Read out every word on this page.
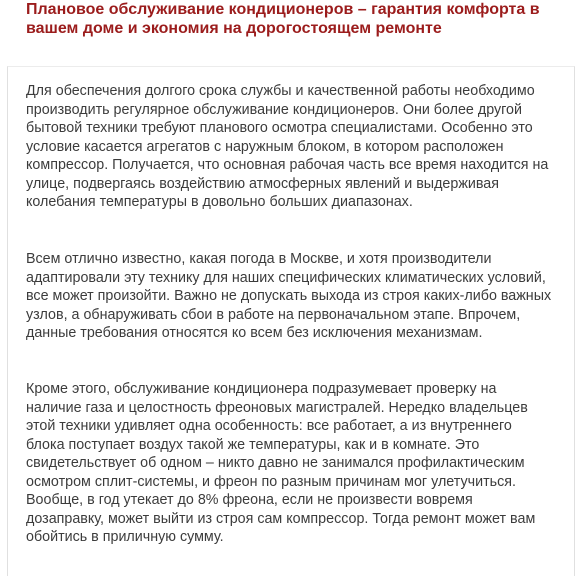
Плановое обслуживание кондиционеров – гарантия комфорта в вашем доме и экономия на дорогостоящем ремонте

Для обеспечения долгого срока службы и качественной работы необходимо производить регулярное обслуживание кондиционеров. Они более другой бытовой техники требуют планового осмотра специалистами. Особенно это условие касается агрегатов с наружным блоком, в котором расположен компрессор. Получается, что основная рабочая часть все время находится на улице, подвергаясь воздействию атмосферных явлений и выдерживая колебания температуры в довольно больших диапазонах.

Всем отлично известно, какая погода в Москве, и хотя производители адаптировали эту технику для наших специфических климатических условий, все может произойти. Важно не допускать выхода из строя каких-либо важных узлов, а обнаруживать сбои в работе на первоначальном этапе. Впрочем, данные требования относятся ко всем без исключения механизмам.

Кроме этого, обслуживание кондиционера подразумевает проверку на наличие газа и целостность фреоновых магистралей. Нередко владельцев этой техники удивляет одна особенность: все работает, а из внутреннего блока поступает воздух такой же температуры, как и в комнате. Это свидетельствует об одном – никто давно не занимался профилактическим осмотром сплит-системы, и фреон по разным причинам мог улетучиться. Вообще, в год утекает до 8% фреона, если не произвести вовремя дозаправку, может выйти из строя сам компрессор. Тогда ремонт может вам обойтись в приличную сумму.
